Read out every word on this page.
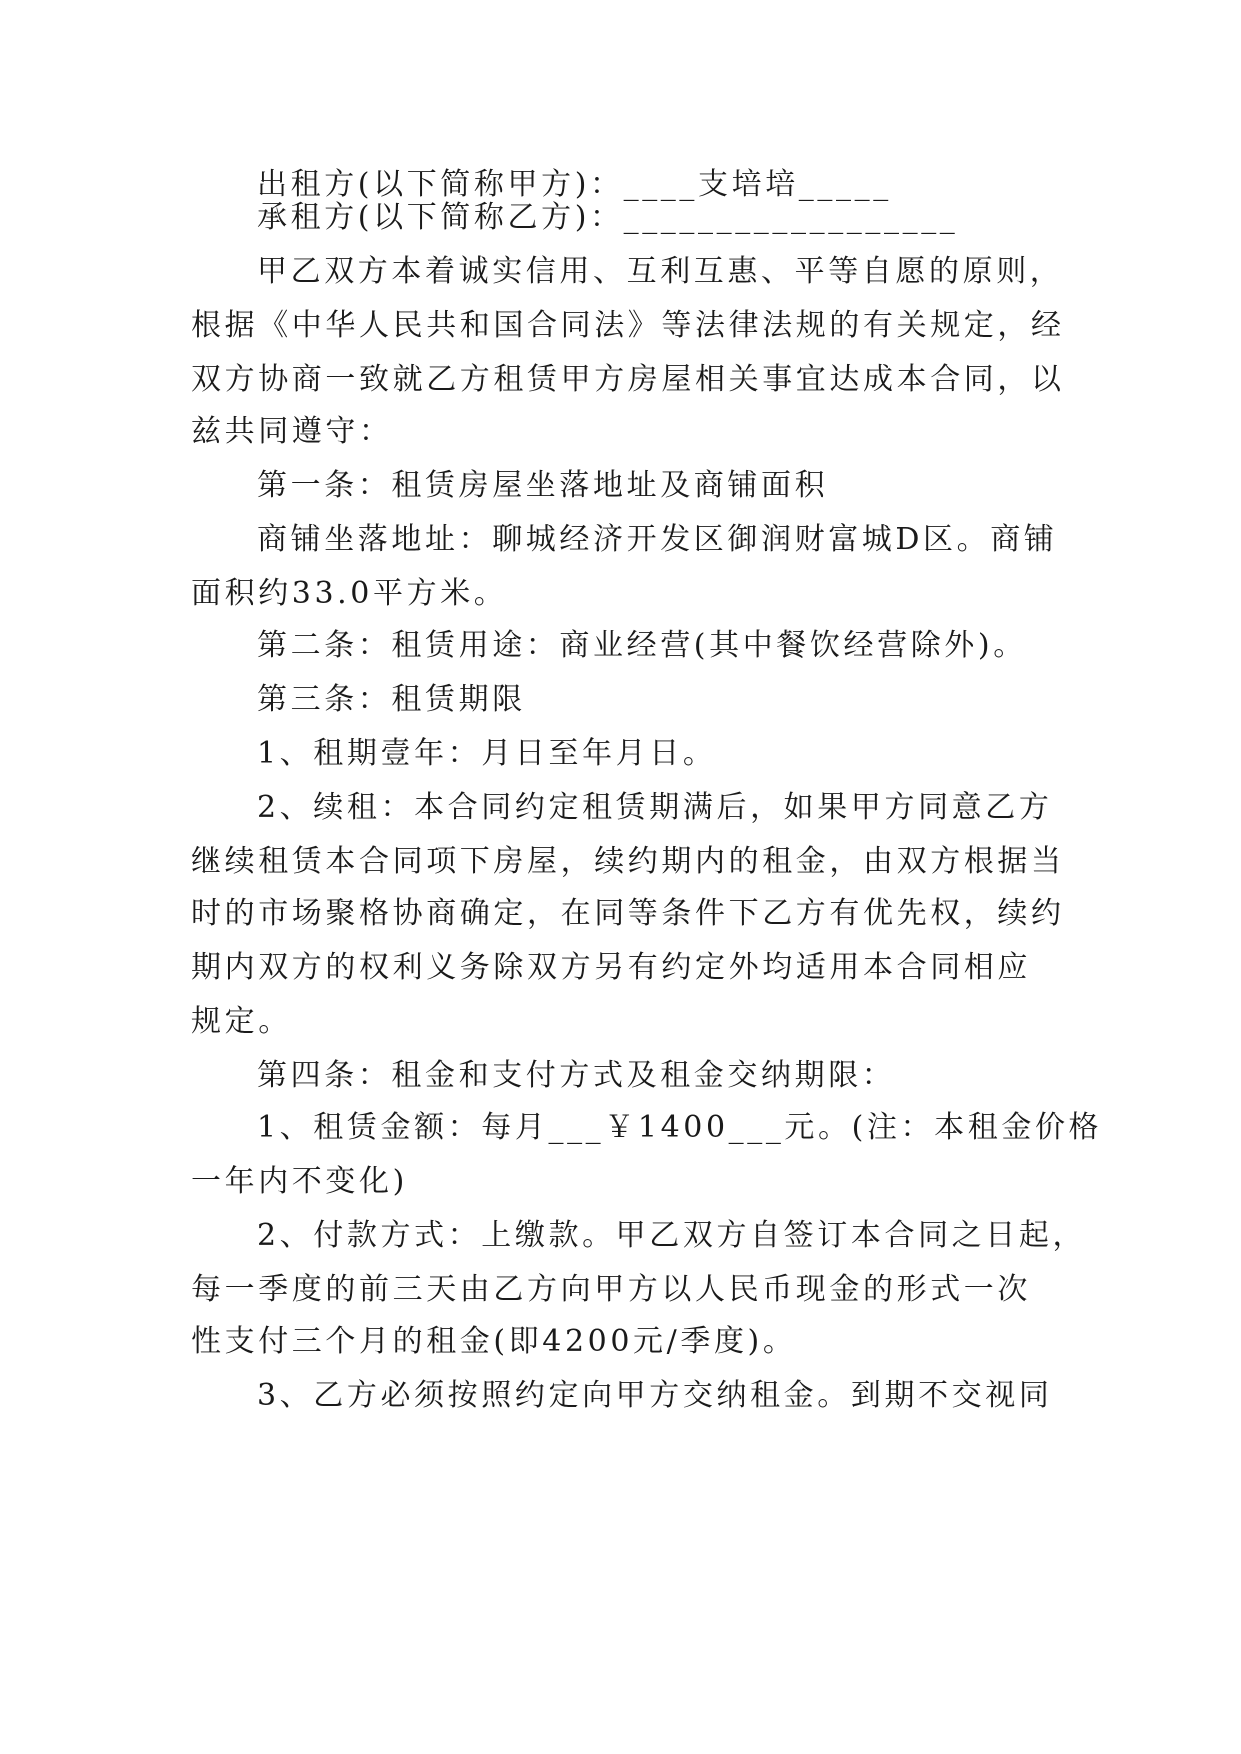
出租方(以下简称甲方)：____支培培_____
承租方(以下简称乙方)：__________________
甲乙双方本着诚实信用、互利互惠、平等自愿的原则，
根据《中华人民共和国合同法》等法律法规的有关规定，经
双方协商一致就乙方租赁甲方房屋相关事宜达成本合同，以
兹共同遵守：
第一条：租赁房屋坐落地址及商铺面积
商铺坐落地址：聊城经济开发区御润财富城D区。商铺
面积约33.0平方米。
第二条：租赁用途：商业经营(其中餐饮经营除外)。
第三条：租赁期限
1、租期壹年：月日至年月日。
2、续租：本合同约定租赁期满后，如果甲方同意乙方
继续租赁本合同项下房屋，续约期内的租金，由双方根据当
时的市场聚格协商确定，在同等条件下乙方有优先权，续约
期内双方的权利义务除双方另有约定外均适用本合同相应
规定。
第四条：租金和支付方式及租金交纳期限：
1、租赁金额：每月___￥1400___元。(注：本租金价格
一年内不变化)
2、付款方式：上缴款。甲乙双方自签订本合同之日起，
每一季度的前三天由乙方向甲方以人民币现金的形式一次
性支付三个月的租金(即4200元/季度)。
3、乙方必须按照约定向甲方交纳租金。到期不交视同
